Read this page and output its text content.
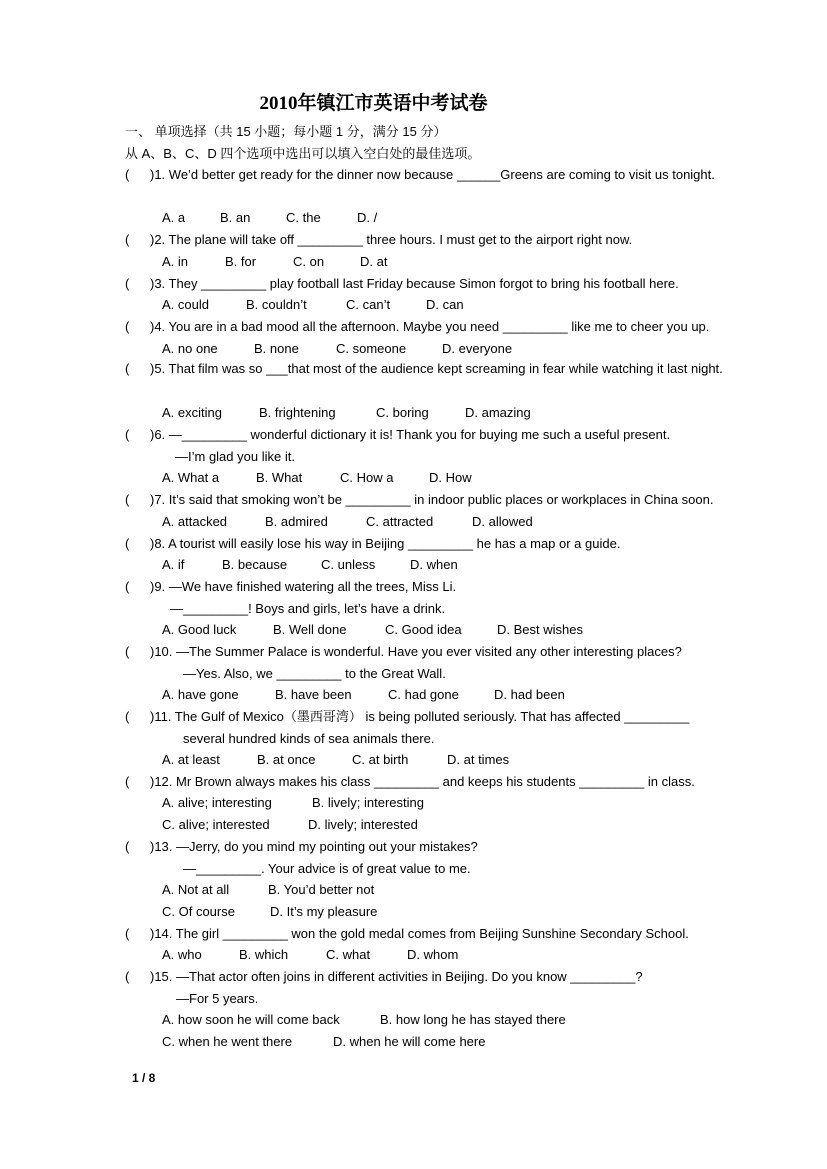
2010年镇江市英语中考试卷
一、 单项选择（共 15 小题；每小题 1 分，满分 15 分）
从 A、B、C、D 四个选项中选出可以填入空白处的最佳选项。
( )1. We’d better get ready for the dinner now because ______Greens are coming to visit us tonight.
A. a	B. an	C. the	D. /
( )2. The plane will take off _________ three hours. I must get to the airport right now.
A. in	B. for	C. on	D. at
( )3. They _________ play football last Friday because Simon forgot to bring his football here.
A. could	B. couldn’t	C. can’t	D. can
( )4. You are in a bad mood all the afternoon. Maybe you need _________ like me to cheer you up.
A. no one	B. none	C. someone	D. everyone
( )5. That film was so ___that most of the audience kept screaming in fear while watching it last night.
A. exciting	B. frightening	C. boring	D. amazing
( )6. —_________ wonderful dictionary it is! Thank you for buying me such a useful present.
—I’m glad you like it.
A. What a	B. What	C. How a	D. How
( )7. It’s said that smoking won’t be _________ in indoor public places or workplaces in China soon.
A. attacked	B. admired	C. attracted	D. allowed
( )8. A tourist will easily lose his way in Beijing _________ he has a map or a guide.
A. if	B. because	C. unless	D. when
( )9. —We have finished watering all the trees, Miss Li.
—_________! Boys and girls, let’s have a drink.
A. Good luck	B. Well done	C. Good idea	D. Best wishes
( )10. —The Summer Palace is wonderful. Have you ever visited any other interesting places?
—Yes. Also, we _________ to the Great Wall.
A. have gone	B. have been	C. had gone	D. had been
( )11. The Gulf of Mexico（墨西哥湾） is being polluted seriously. That has affected _________
several hundred kinds of sea animals there.
A. at least	B. at once	C. at birth	D. at times
( )12. Mr Brown always makes his class _________ and keeps his students _________ in class.
A. alive; interesting	B. lively; interesting
C. alive; interested	D. lively; interested
( )13. —Jerry, do you mind my pointing out your mistakes?
—_________. Your advice is of great value to me.
A. Not at all	B. You’d better not
C. Of course	D. It’s my pleasure
( )14. The girl _________ won the gold medal comes from Beijing Sunshine Secondary School.
A. who	B. which	C. what	D. whom
( )15. —That actor often joins in different activities in Beijing. Do you know _________?
—For 5 years.
A. how soon he will come back	B. how long he has stayed there
C. when he went there	D. when he will come here
1 / 8
